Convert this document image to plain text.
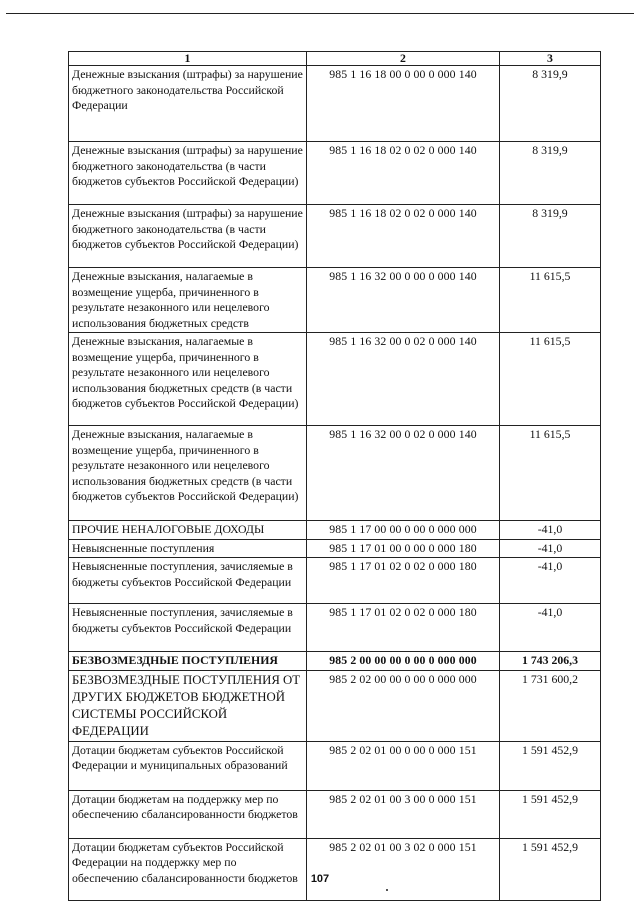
1	2	3
Денежные взыскания (штрафы) за нарушение бюджетного законодательства Российской Федерации	985 1 16 18 00 0 00 0 000 140	8 319,9
Денежные взыскания (штрафы) за нарушение бюджетного законодательства (в части бюджетов субъектов Российской Федерации)	985 1 16 18 02 0 02 0 000 140	8 319,9
Денежные взыскания (штрафы) за нарушение бюджетного законодательства (в части бюджетов субъектов Российской Федерации)	985 1 16 18 02 0 02 0 000 140	8 319,9
Денежные взыскания, налагаемые в возмещение ущерба, причиненного в результате незаконного или нецелевого использования бюджетных средств	985 1 16 32 00 0 00 0 000 140	11 615,5
Денежные взыскания, налагаемые в возмещение ущерба, причиненного в результате незаконного или нецелевого использования бюджетных средств (в части бюджетов субъектов Российской Федерации)	985 1 16 32 00 0 02 0 000 140	11 615,5
Денежные взыскания, налагаемые в возмещение ущерба, причиненного в результате незаконного или нецелевого использования бюджетных средств (в части бюджетов субъектов Российской Федерации)	985 1 16 32 00 0 02 0 000 140	11 615,5
ПРОЧИЕ НЕНАЛОГОВЫЕ ДОХОДЫ	985 1 17 00 00 0 00 0 000 000	-41,0
Невыясненные поступления	985 1 17 01 00 0 00 0 000 180	-41,0
Невыясненные поступления, зачисляемые в бюджеты субъектов Российской Федерации	985 1 17 01 02 0 02 0 000 180	-41,0
Невыясненные поступления, зачисляемые в бюджеты субъектов Российской Федерации	985 1 17 01 02 0 02 0 000 180	-41,0
БЕЗВОЗМЕЗДНЫЕ ПОСТУПЛЕНИЯ	985 2 00 00 00 0 00 0 000 000	1 743 206,3
БЕЗВОЗМЕЗДНЫЕ ПОСТУПЛЕНИЯ ОТ ДРУГИХ БЮДЖЕТОВ БЮДЖЕТНОЙ СИСТЕМЫ РОССИЙСКОЙ ФЕДЕРАЦИИ	985 2 02 00 00 0 00 0 000 000	1 731 600,2
Дотации бюджетам субъектов Российской Федерации и муниципальных образований	985 2 02 01 00 0 00 0 000 151	1 591 452,9
Дотации бюджетам на поддержку мер по обеспечению сбалансированности бюджетов	985 2 02 01 00 3 00 0 000 151	1 591 452,9
Дотации бюджетам субъектов Российской Федерации на поддержку мер по обеспечению сбалансированности бюджетов	985 2 02 01 00 3 02 0 000 151	1 591 452,9
107
